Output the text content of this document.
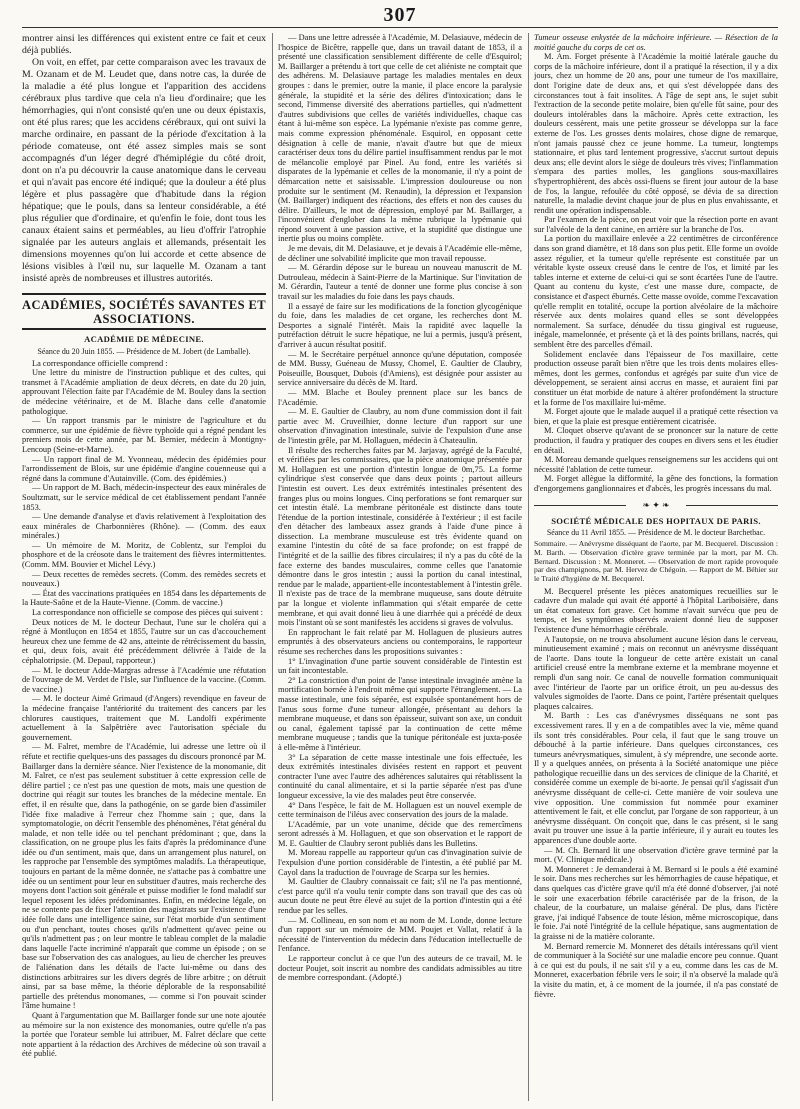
307

montrer ainsi les différences qui existent entre ce fait et ceux déjà publiés.

On voit, en effet, par cette comparaison avec les travaux de M. Ozanam et de M. Leudet que, dans notre cas, la durée de la maladie a été plus longue et l'apparition des accidens cérébraux plus tardive que cela n'a lieu d'ordinaire; que les hémorrhagies, qui n'ont consisté qu'en une ou deux épistaxis, ont été plus rares; que les accidens cérébraux, qui ont suivi la marche ordinaire, en passant de la période d'excitation à la période comateuse, ont été assez simples mais se sont accompagnés d'un léger degré d'hémiplégie du côté droit, dont on n'a pu découvrir la cause anatomique dans le cerveau et qui n'avait pas encore été indiqué; que la douleur a été plus légère et plus passagère que d'habitude dans la région hépatique; que le pouls, dans sa lenteur considérable, a été plus régulier que d'ordinaire, et qu'enfin le foie, dont tous les canaux étaient sains et perméables, au lieu d'offrir l'atrophie signalée par les auteurs anglais et allemands, présentait les dimensions moyennes qu'on lui accorde et cette absence de lésions visibles à l'œil nu, sur laquelle M. Ozanam a tant insisté après de nombreuses et illustres autorités.

ACADÉMIES, SOCIÉTÉS SAVANTES ET ASSOCIATIONS.
ACADÉMIE DE MÉDECINE.
Séance du 20 Juin 1855. — Présidence de M. Jobert (de Lamballe).

La correspondance officielle comprend :

Une lettre du ministre de l'instruction publique et des cultes, qui transmet à l'Académie ampliation de deux décrets, en date du 20 juin, approuvant l'élection faite par l'Académie de M. Bouley dans la section de médecine vétérinaire, et de M. Blache dans celle d'anatomie pathologique.

— Un rapport transmis par le ministre de l'agriculture et du commerce, sur une épidémie de fièvre typhoïde qui a régné pendant les premiers mois de cette année, par M. Bernier, médecin à Montigny-Lencoup (Seine-et-Marne).

— Un rapport final de M. Yvonneau, médecin des épidémies pour l'arrondissement de Blois, sur une épidémie d'angine couenneuse qui a régné dans la commune d'Autainville. (Com. des épidémies.)

— Un rapport de M. Bach, médecin-inspecteur des eaux minérales de Soultzmatt, sur le service médical de cet établissement pendant l'année 1853.

— Une demande d'analyse et d'avis relativement à l'exploitation des eaux minérales de Charbonnières (Rhône). — (Comm. des eaux minérales.)

— Un mémoire de M. Moritz, de Coblentz, sur l'emploi du phosphore et de la créosote dans le traitement des fièvres intermittentes. (Comm. MM. Bouvier et Michel Lévy.)

— Deux recettes de remèdes secrets. (Comm. des remèdes secrets et nouveaux.)

— État des vaccinations pratiquées en 1854 dans les départements de la Haute-Saône et de la Haute-Vienne. (Comm. de vaccine.)

La correspondance non officielle se compose des pièces qui suivent :

Deux notices de M. le docteur Dechaut, l'une sur le choléra qui a régné à Montluçon en 1854 et 1855, l'autre sur un cas d'accouchement heureux chez une femme de 42 ans, atteinte de rétrécissement du bassin, et qui, deux fois, avait été précédemment délivrée à l'aide de la céphalotripsie. (M. Depaul, rapporteur.)

— M. le docteur Adde-Margras adresse à l'Académie une réfutation de l'ouvrage de M. Verdet de l'Isle, sur l'influence de la vaccine. (Comm. de vaccine.)

— M. le docteur Aimé Grimaud (d'Angers) revendique en faveur de la médecine française l'antériorité du traitement des cancers par les chlorures caustiques, traitement que M. Landolfi expérimente actuellement à la Salpêtrière avec l'autorisation spéciale du gouvernement.

— M. Falret, membre de l'Académie, lui adresse une lettre où il réfute et rectifie quelques-uns des passages du discours prononcé par M. Baillarger dans la dernière séance. Nier l'existence de la monomanie, dit M. Falret, ce n'est pas seulement substituer à cette expression celle de délire partiel ; ce n'est pas une question de mots, mais une question de doctrine qui réagit sur toutes les branches de la médecine mentale. En effet, il en résulte que, dans la pathogénie, on se garde bien d'assimiler l'idée fixe maladive à l'erreur chez l'homme sain ; que, dans la symptomatologie, on décrit l'ensemble des phénomènes, l'état général du malade, et non telle idée ou tel penchant prédominant ; que, dans la classification, on ne groupe plus les faits d'après la prédominance d'une idée ou d'un sentiment, mais que, dans un arrangement plus naturel, on les rapproche par l'ensemble des symptômes maladifs. La thérapeutique, toujours en partant de la même donnée, ne s'attache pas à combattre une idée ou un sentiment pour leur en substituer d'autres, mais recherche des moyens dont l'action soit générale et puisse modifier le fond maladif sur lequel reposent les idées prédominantes. Enfin, en médecine légale, on ne se contente pas de fixer l'attention des magistrats sur l'existence d'une idée folle dans une intelligence saine, sur l'état morbide d'un sentiment ou d'un penchant, toutes choses qu'ils n'admettent qu'avec peine ou qu'ils n'admettent pas ; on leur montre le tableau complet de la maladie dans laquelle l'acte incriminé n'apparaît que comme un épisode ; on se base sur l'observation des cas analogues, au lieu de chercher les preuves de l'aliénation dans les détails de l'acte lui-même ou dans des distinctions arbitraires sur les divers degrés de libre arbitre ; on détruit ainsi, par sa base même, la théorie déplorable de la responsabilité partielle des prétendus monomanes, — comme si l'on pouvait scinder l'âme humaine !

Quant à l'argumentation que M. Baillarger fonde sur une note ajoutée au mémoire sur la non existence des monomanies, outre qu'elle n'a pas la portée que l'orateur semble lui attribuer, M. Falret déclare que cette note appartient à la rédaction des Archives de médecine où son travail a été publié.

— Dans une lettre adressée à l'Académie, M. Delasiauve, médecin de l'hospice de Bicêtre, rappelle que, dans un travail datant de 1853, il a présenté une classification sensiblement différente de celle d'Esquirol; M. Baillarger a prétendu à tort que celle de cet aliéniste ne comptait que des adhérens. M. Delasiauve partage les maladies mentales en deux groupes : dans le premier, outre la manie, il place encore la paralysie générale, la stupidité et la série des délires d'intoxication; dans le second, l'immense diversité des aberrations partielles, qui n'admettent d'autres subdivisions que celles de variétés individuelles, chaque cas étant à lui-même son espèce. La lypémanie n'existe pas comme genre, mais comme expression phénoménale. Esquirol, en opposant cette désignation à celle de manie, n'avait d'autre but que de mieux caractériser deux tons du délire partiel insuffisamment rendus par le mot de mélancolie employé par Pinel. Au fond, entre les variétés si disparates de la lypémanie et celles de la monomanie, il n'y a point de démarcation nette et saisissable. L'impression douloureuse ou non produite sur le sentiment (M. Renaudin), la dépression et l'expansion (M. Baillarger) indiquent des réactions, des effets et non des causes du délire. D'ailleurs, le mot de dépression, employé par M. Baillarger, a l'inconvénient d'englober dans la même rubrique la lypémanie qui répond souvent à une passion active, et la stupidité que distingue une inertie plus ou moins complète.

Je me devais, dit M. Delasiauve, et je devais à l'Académie elle-même, de décliner une solvabilité implicite que mon travail repousse.

— M. Gérardin dépose sur le bureau un nouveau manuscrit de M. Dutrouleau, médecin à Saint-Pierre de la Martinique. Sur l'invitation de M. Gérardin, l'auteur a tenté de donner une forme plus concise à son travail sur les maladies du foie dans les pays chauds.

Il a essayé de faire sur les modifications de la fonction glycogénique du foie, dans les maladies de cet organe, les recherches dont M. Desportes a signalé l'intérêt. Mais la rapidité avec laquelle la putréfaction détruit le sucre hépatique, ne lui a permis, jusqu'à présent, d'arriver à aucun résultat positif.

— M. le Secrétaire perpétuel annonce qu'une députation, composée de MM. Bussy, Guéneau de Mussy, Chomel, E. Gaultier de Claubry, Poiseuille, Bousquet, Dubois (d'Amiens), est désignée pour assister au service anniversaire du décès de M. Itard.

— MM. Blache et Bouley prennent place sur les bancs de l'Académie.

— M. E. Gaultier de Claubry, au nom d'une commission dont il fait partie avec M. Cruveilhier, donne lecture d'un rapport sur une observation d'invagination intestinale, suivie de l'expulsion d'une anse de l'intestin grêle, par M. Hollaguen, médecin à Chateaulin.

Il résulte des recherches faites par M. Jarjavay, agrégé de la Faculté, et vérifiées par les commissaires, que la pièce anatomique présentée par M. Hollaguen est une portion d'intestin longue de 0m,75. La forme cylindrique s'est conservée que dans deux points ; partout ailleurs l'intestin est ouvert. Les deux extrémités intestinales présentent des franges plus ou moins longues. Cinq perforations se font remarquer sur cet intestin étalé. La membrane péritonéale est distincte dans toute l'étendue de la portion intestinale, considérée à l'extérieur ; il est facile d'en détacher des lambeaux assez grands à l'aide d'une pince à dissection. La membrane musculeuse est très évidente quand on examine l'intestin du côté de sa face profonde; on est frappé de l'intégrité et de la saillie des fibres circulaires; il n'y a pas du côté de la face externe des bandes musculaires, comme celles que l'anatomie démontre dans le gros intestin ; aussi la portion du canal intestinal, rendue par le malade, appartient-elle incontestablement à l'intestin grêle. Il n'existe pas de trace de la membrane muqueuse, sans doute détruite par la longue et violente inflammation qui s'était emparée de cette membrane, et qui avait donné lieu à une diarrhée qui a précédé de deux mois l'instant où se sont manifestés les accidens si graves de volvulus.

En rapprochant le fait relaté par M. Hollaguen de plusieurs autres empruntés à des observateurs anciens ou contemporains, le rapporteur résume ses recherches dans les propositions suivantes :

1° L'invagination d'une partie souvent considérable de l'intestin est un fait incontestable.

2° La constriction d'un point de l'anse intestinale invaginée amène la mortification bornée à l'endroit même qui supporte l'étranglement. — La masse intestinale, une fois séparée, est expulsée spontanément hors de l'anus sous forme d'une tumeur allongée, présentant au dehors la membrane muqueuse, et dans son épaisseur, suivant son axe, un conduit ou canal, également tapissé par la continuation de cette même membrane muqueuse ; tandis que la tunique péritonéale est juxta-posée à elle-même à l'intérieur.

3° La séparation de cette masse intestinale une fois effectuée, les deux extrémités intestinales divisées restent en rapport et peuvent contracter l'une avec l'autre des adhérences salutaires qui rétablissent la continuité du canal alimentaire, et si la partie séparée n'est pas d'une longueur excessive, la vie des malades peut être conservée.

4° Dans l'espèce, le fait de M. Hollaguen est un nouvel exemple de cette terminaison de l'iléus avec conservation des jours de la malade.

L'Académie, par un vote unanime, décide que des remercîmens seront adressés à M. Hollaguen, et que son observation et le rapport de M. E. Gaultier de Claubry seront publiés dans les Bulletins.

M. Moreau rappelle au rapporteur qu'un cas d'invagination suivie de l'expulsion d'une portion considérable de l'intestin, a été publié par M. Cayol dans la traduction de l'ouvrage de Scarpa sur les hernies.

M. Gaultier de Claubry connaissait ce fait; s'il ne l'a pas mentionné, c'est parce qu'il n'a voulu tenir compte dans son travail que des cas où aucun doute ne peut être élevé au sujet de la portion d'intestin qui a été rendue par les selles.

— M. Collineau, en son nom et au nom de M. Londe, donne lecture d'un rapport sur un mémoire de MM. Poujet et Vallat, relatif à la nécessité de l'intervention du médecin dans l'éducation intellectuelle de l'enfance.

Le rapporteur conclut à ce que l'un des auteurs de ce travail, M. le docteur Poujet, soit inscrit au nombre des candidats admissibles au titre de membre correspondant. (Adopté.)

Tumeur osseuse enkystée de la mâchoire inférieure. — Résection de la moitié gauche du corps de cet os.

M. Am. Forget présente à l'Académie la moitié latérale gauche du corps de la mâchoire inférieure, dont il a pratiqué la résection, il y a dix jours, chez un homme de 20 ans, pour une tumeur de l'os maxillaire, dont l'origine date de deux ans, et qui s'est développée dans des circonstances tout à fait insolites. A l'âge de sept ans, le sujet subit l'extraction de la seconde petite molaire, bien qu'elle fût saine, pour des douleurs intolérables dans la mâchoire. Après cette extraction, les douleurs cessèrent, mais une petite grosseur se développa sur la face externe de l'os. Les grosses dents molaires, chose digne de remarque, n'ont jamais paussé chez ce jeune homme. La tumeur, longtemps stationnaire, et plus tard lentement progressive, s'accrut surtout depuis deux ans; elle devint alors le siège de douleurs très vives; l'inflammation s'empara des parties molles, les ganglions sous-maxillaires s'hypertrophièrent, des abcès ossi-fluens se firent jour autour de la base de l'os, la langue, refoulée du côté opposé, se dévia de sa direction naturelle, la maladie devint chaque jour de plus en plus envahissante, et rendit une opération indispensable.

Par l'examen de la pièce, on peut voir que la résection porte en avant sur l'alvéole de la dent canine, en arrière sur la branche de l'os.

La portion du maxillaire enlevée a 22 centimètres de circonférence dans son grand diamètre, et 18 dans son plus petit. Elle forme un ovoïde assez régulier, et la tumeur qu'elle représente est constituée par un véritable kyste osseux creusé dans le centre de l'os, et limité par les tables interne et externe de celui-ci qui se sont écartées l'une de l'autre. Quant au contenu du kyste, c'est une masse dure, compacte, de consistance et d'aspect éburnés. Cette masse ovoïde, comme l'excavation qu'elle remplit en totalité, occupe la portion alvéolaire de la mâchoire réservée aux dents molaires quand elles se sont développées normalement. Sa surface, dénudée du tissu gingival est rugueuse, inégale, mamelonnée, et présente çà et là des points brillans, nacrés, qui semblent être des parcelles d'émail.

Solidement enclavée dans l'épaisseur de l'os maxillaire, cette production osseuse paraît bien n'être que les trois dents molaires elles-mêmes, dont les germes, confondus et agrégés par suite d'un vice de développement, se seraient ainsi accrus en masse, et auraient fini par constituer un état morbide de nature à altérer profondément la structure et la forme de l'os maxillaire lui-même.

M. Forget ajoute que le malade auquel il a pratiqué cette résection va bien, et que la plaie est presque entièrement cicatrisée.

M. Cloquet observe qu'avant de se prononcer sur la nature de cette production, il faudra y pratiquer des coupes en divers sens et les étudier en détail.

M. Moreau demande quelques renseignemens sur les accidens qui ont nécessité l'ablation de cette tumeur.

M. Forget allègue la difformité, la gêne des fonctions, la formation d'engorgemens ganglionnaires et d'abcès, les progrès incessans du mal.

❧ ✦ ❧
SOCIÉTÉ MÉDICALE DES HOPITAUX DE PARIS.
Séance du 11 Avril 1855. — Présidence de M. le docteur Barchetbac.

Sommaire. — Anévrysme disséquant de l'aorte, par M. Becquerel. Discussion : M. Barth. — Observation d'ictère grave terminée par la mort, par M. Ch. Bernard. Discussion : M. Monneret. — Observation de mort rapide provoquée par des champignons, par M. Hervez de Chégoin. — Rapport de M. Béhier sur le Traité d'hygiène de M. Becquerel.

M. Becquerel présente les pièces anatomiques recueillies sur le cadavre d'un malade qui avait été apporté à l'hôpital Lariboisière, dans un état comateux fort grave. Cet homme n'avait survécu que peu de temps, et les symptômes observés avaient donné lieu de supposer l'existence d'une hémorrhagie cérébrale.

A l'autopsie, on ne trouva absolument aucune lésion dans le cerveau, minutieusement examiné ; mais on reconnut un anévrysme disséquant de l'aorte. Dans toute la longueur de cette artère existait un canal artificiel creusé entre la membrane externe et la membrane moyenne et rempli d'un sang noir. Ce canal de nouvelle formation communiquait avec l'intérieur de l'aorte par un orifice étroit, un peu au-dessus des valvules sigmoïdes de l'aorte. Dans ce point, l'artère présentait quelques plaques calcaires.

M. Barth : Les cas d'anévrysmes disséquans ne sont pas excessivement rares. Il y en a de compatibles avec la vie, même quand ils sont très considérables. Pour cela, il faut que le sang trouve un débouché à la partie inférieure. Dans quelques circonstances, ces tumeurs anévrysmatiques, simulent, à s'y méprendre, une seconde aorte. Il y a quelques années, on présenta à la Société anatomique une pièce pathologique recueillie dans un des services de clinique de la Charité, et considérée comme un exemple de bi-aorte. Je pensai qu'il s'agissait d'un anévrysme disséquant de celle-ci. Cette manière de voir souleva une vive opposition. Une commission fut nommée pour examiner attentivement le fait, et elle conclut, par l'organe de son rapporteur, à un anévrysme disséquant. On conçoit que, dans le cas présent, si le sang avait pu trouver une issue à la partie inférieure, il y aurait eu toutes les apparences d'une double aorte.

— M. Ch. Bernard lit une observation d'ictère grave terminé par la mort. (V. Clinique médicale.)

M. Monneret : Je demanderai à M. Bernard si le pouls a été examiné le soir. Dans mes recherches sur les hémorrhagies de cause hépatique, et dans quelques cas d'ictère grave qu'il m'a été donné d'observer, j'ai noté le soir une exacerbation fébrile caractérisée par de la frison, de la chaleur, de la courbature, un malaise général. De plus, dans l'ictère grave, j'ai indiqué l'absence de toute lésion, même microscopique, dans le foie. J'ai noté l'intégrité de la cellule hépatique, sans augmentation de la graisse ni de la matière colorante.

M. Bernard remercie M. Monneret des détails intéressans qu'il vient de communiquer à la Société sur une maladie encore peu connue. Quant à ce qui est du pouls, il ne sait s'il y a eu, comme dans les cas de M. Monneret, exacerbation fébrile vers le soir; il n'a observé la malade qu'à la visite du matin, et, à ce moment de la journée, il n'a pas constaté de fièvre.
